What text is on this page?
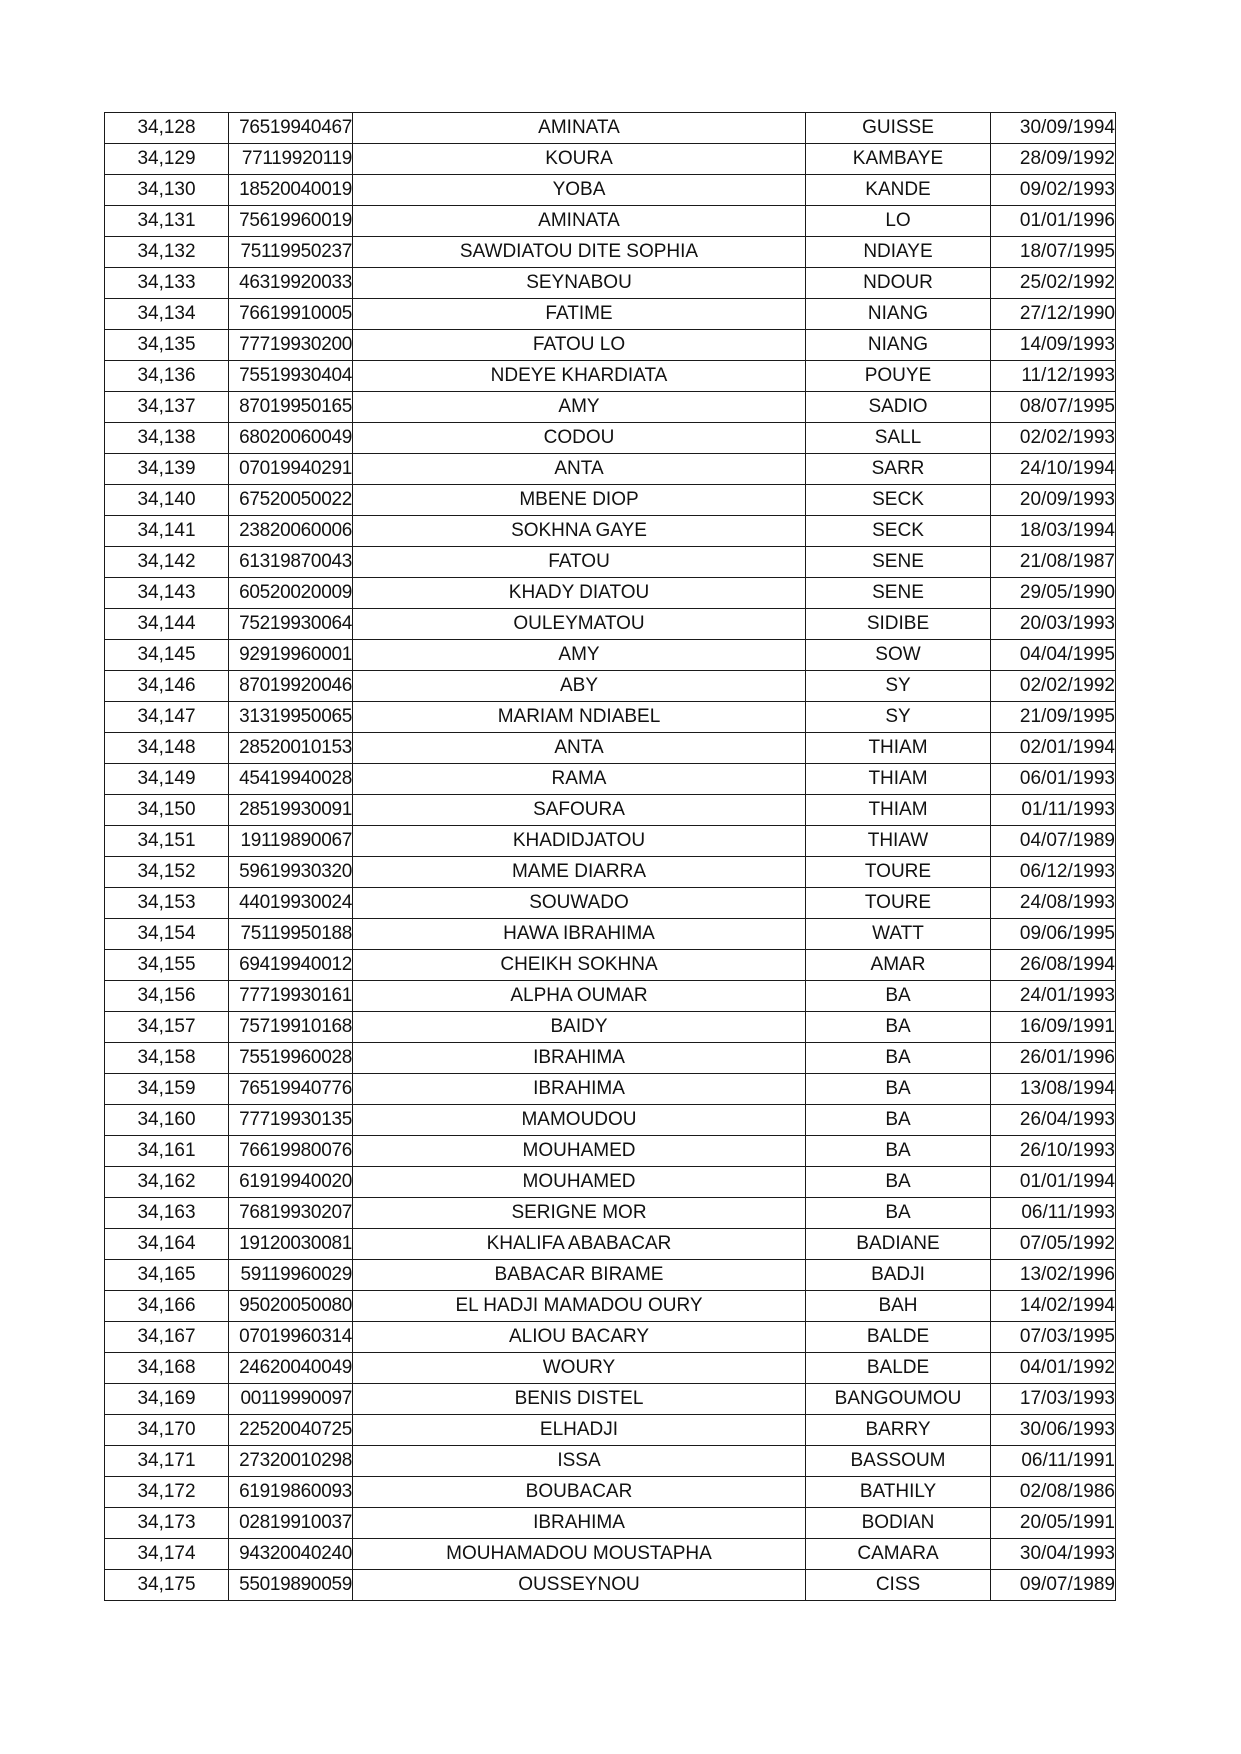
34,128	76519940467	AMINATA	GUISSE	30/09/1994
34,129	77119920119	KOURA	KAMBAYE	28/09/1992
34,130	18520040019	YOBA	KANDE	09/02/1993
34,131	75619960019	AMINATA	LO	01/01/1996
34,132	75119950237	SAWDIATOU DITE SOPHIA	NDIAYE	18/07/1995
34,133	46319920033	SEYNABOU	NDOUR	25/02/1992
34,134	76619910005	FATIME	NIANG	27/12/1990
34,135	77719930200	FATOU LO	NIANG	14/09/1993
34,136	75519930404	NDEYE KHARDIATA	POUYE	11/12/1993
34,137	87019950165	AMY	SADIO	08/07/1995
34,138	68020060049	CODOU	SALL	02/02/1993
34,139	07019940291	ANTA	SARR	24/10/1994
34,140	67520050022	MBENE DIOP	SECK	20/09/1993
34,141	23820060006	SOKHNA GAYE	SECK	18/03/1994
34,142	61319870043	FATOU	SENE	21/08/1987
34,143	60520020009	KHADY DIATOU	SENE	29/05/1990
34,144	75219930064	OULEYMATOU	SIDIBE	20/03/1993
34,145	92919960001	AMY	SOW	04/04/1995
34,146	87019920046	ABY	SY	02/02/1992
34,147	31319950065	MARIAM NDIABEL	SY	21/09/1995
34,148	28520010153	ANTA	THIAM	02/01/1994
34,149	45419940028	RAMA	THIAM	06/01/1993
34,150	28519930091	SAFOURA	THIAM	01/11/1993
34,151	19119890067	KHADIDJATOU	THIAW	04/07/1989
34,152	59619930320	MAME DIARRA	TOURE	06/12/1993
34,153	44019930024	SOUWADO	TOURE	24/08/1993
34,154	75119950188	HAWA IBRAHIMA	WATT	09/06/1995
34,155	69419940012	CHEIKH SOKHNA	AMAR	26/08/1994
34,156	77719930161	ALPHA OUMAR	BA	24/01/1993
34,157	75719910168	BAIDY	BA	16/09/1991
34,158	75519960028	IBRAHIMA	BA	26/01/1996
34,159	76519940776	IBRAHIMA	BA	13/08/1994
34,160	77719930135	MAMOUDOU	BA	26/04/1993
34,161	76619980076	MOUHAMED	BA	26/10/1993
34,162	61919940020	MOUHAMED	BA	01/01/1994
34,163	76819930207	SERIGNE MOR	BA	06/11/1993
34,164	19120030081	KHALIFA ABABACAR	BADIANE	07/05/1992
34,165	59119960029	BABACAR BIRAME	BADJI	13/02/1996
34,166	95020050080	EL HADJI MAMADOU OURY	BAH	14/02/1994
34,167	07019960314	ALIOU BACARY	BALDE	07/03/1995
34,168	24620040049	WOURY	BALDE	04/01/1992
34,169	00119990097	BENIS DISTEL	BANGOUMOU	17/03/1993
34,170	22520040725	ELHADJI	BARRY	30/06/1993
34,171	27320010298	ISSA	BASSOUM	06/11/1991
34,172	61919860093	BOUBACAR	BATHILY	02/08/1986
34,173	02819910037	IBRAHIMA	BODIAN	20/05/1991
34,174	94320040240	MOUHAMADOU MOUSTAPHA	CAMARA	30/04/1993
34,175	55019890059	OUSSEYNOU	CISS	09/07/1989
